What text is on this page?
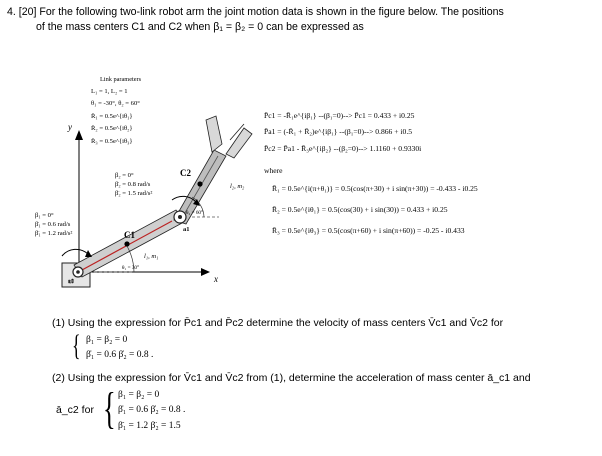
4. [20] For the following two-link robot arm the joint motion data is shown in the figure below. The positions
of the mass centers C1 and C2 when β₁ = β₂ = 0 can be expressed as
y
x
C1
C2
l₂, m₂
l₁, m₁
a1
a0
θ₂ = 60°
θ₁ = 30°
Link parameters
L₁ = 1, L₂ = 1
θ₁ = -30°, θ₂ = 60°
R̄₁ = 0.5e^{iθ₁}
R̄₂ = 0.5e^{iθ₂}
R̄₃ = 0.5e^{iθ₃}
β₂ = 0°
β̇₂ = 0.8 rad/s
β̈₂ = 1.5 rad/s²
β₁ = 0°
β̇₁ = 0.6 rad/s
β̈₁ = 1.2 rad/s²
P̄c1 = -R̄₁e^{iβ₁} --(β₁=0)--> P̄c1 = 0.433 + i0.25
P̄a1 = (-R̄₁ + R̄₂)e^{iβ₁} --(β₁=0)--> 0.866 + i0.5
P̄c2 = P̄a1 - R̄₃e^{iβ₂} --(β₂=0)--> 1.1160 + 0.9330i
where
R̄₁ = 0.5e^{i(π+θ₁)} = 0.5(cos(π+30) + i sin(π+30)) = -0.433 - i0.25
R̄₂ = 0.5e^{iθ₁} = 0.5(cos(30) + i sin(30)) = 0.433 + i0.25
R̄₃ = 0.5e^{iθ₃} = 0.5(cos(π+60) + i sin(π+60)) = -0.25 - i0.433
(1) Using the expression for P̄c1 and P̄c2 determine the velocity of mass centers V̄c1 and V̄c2 for
{ β₁ = β₂ = 0
β̇₁ = 0.6 β̇₂ = 0.8 .
(2) Using the expression for V̄c1 and V̄c2 from (1), determine the acceleration of mass center ā_c1 and
ā_c2 for { β₁ = β₂ = 0
β̇₁ = 0.6 β̇₂ = 0.8 .
β̈₁ = 1.2 β̈₂ = 1.5
